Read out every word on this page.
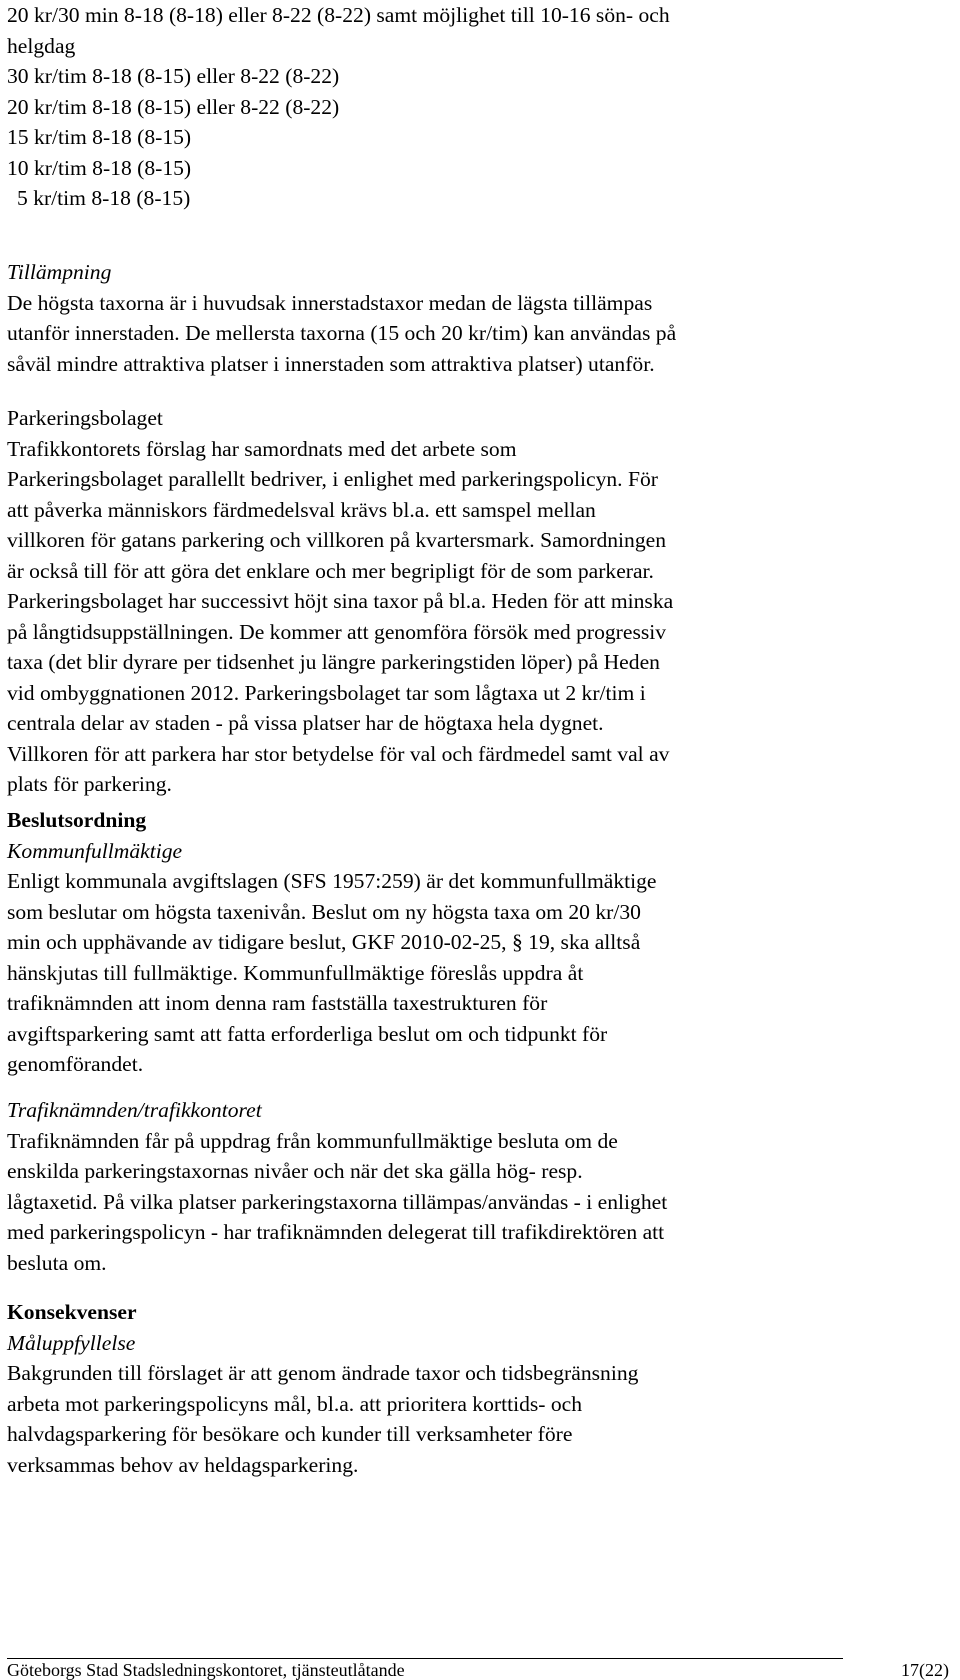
20 kr/30 min 8-18 (8-18) eller 8-22 (8-22) samt möjlighet till 10-16 sön- och
helgdag
30 kr/tim 8-18 (8-15) eller 8-22 (8-22)
20 kr/tim 8-18 (8-15) eller 8-22 (8-22)
15 kr/tim 8-18 (8-15)
10 kr/tim 8-18 (8-15)
5 kr/tim 8-18 (8-15)
Tillämpning
De högsta taxorna är i huvudsak innerstadstaxor medan de lägsta tillämpas
utanför innerstaden. De mellersta taxorna (15 och 20 kr/tim) kan användas på
såväl mindre attraktiva platser i innerstaden som attraktiva platser) utanför.
Parkeringsbolaget
Trafikkontorets förslag har samordnats med det arbete som
Parkeringsbolaget parallellt bedriver, i enlighet med parkeringspolicyn. För
att påverka människors färdmedelsval krävs bl.a. ett samspel mellan
villkoren för gatans parkering och villkoren på kvartersmark. Samordningen
är också till för att göra det enklare och mer begripligt för de som parkerar.
Parkeringsbolaget har successivt höjt sina taxor på bl.a. Heden för att minska
på långtidsuppställningen. De kommer att genomföra försök med progressiv
taxa (det blir dyrare per tidsenhet ju längre parkeringstiden löper) på Heden
vid ombyggnationen 2012. Parkeringsbolaget tar som lågtaxa ut 2 kr/tim i
centrala delar av staden - på vissa platser har de högtaxa hela dygnet.
Villkoren för att parkera har stor betydelse för val och färdmedel samt val av
plats för parkering.
Beslutsordning
Kommunfullmäktige
Enligt kommunala avgiftslagen (SFS 1957:259) är det kommunfullmäktige
som beslutar om högsta taxenivån. Beslut om ny högsta taxa om 20 kr/30
min och upphävande av tidigare beslut, GKF 2010-02-25, § 19, ska alltså
hänskjutas till fullmäktige. Kommunfullmäktige föreslås uppdra åt
trafiknämnden att inom denna ram fastställa taxestrukturen för
avgiftsparkering samt att fatta erforderliga beslut om och tidpunkt för
genomförandet.
Trafiknämnden/trafikkontoret
Trafiknämnden får på uppdrag från kommunfullmäktige besluta om de
enskilda parkeringstaxornas nivåer och när det ska gälla hög- resp.
lågtaxetid. På vilka platser parkeringstaxorna tillämpas/användas - i enlighet
med parkeringspolicyn - har trafiknämnden delegerat till trafikdirektören att
besluta om.
Konsekvenser
Måluppfyllelse
Bakgrunden till förslaget är att genom ändrade taxor och tidsbegränsning
arbeta mot parkeringspolicyns mål, bl.a. att prioritera korttids- och
halvdagsparkering för besökare och kunder till verksamheter före
verksammas behov av heldagsparkering.
Göteborgs Stad Stadsledningskontoret, tjänsteutlåtande	17(22)
